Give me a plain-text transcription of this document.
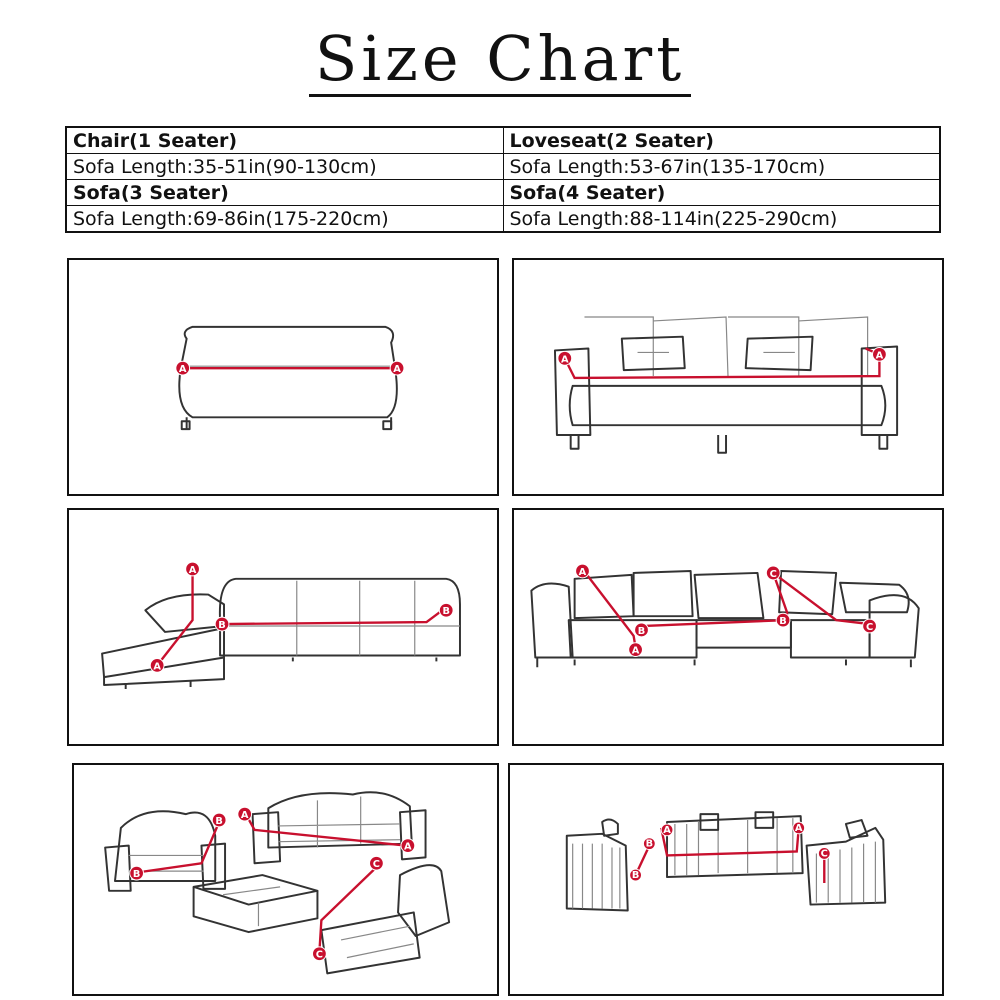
Size Chart
Chair(1 Seater)	Loveseat(2 Seater)
Sofa Length:35-51in(90-130cm)	Sofa Length:53-67in(135-170cm)
Sofa(3 Seater)	Sofa(4 Seater)
Sofa Length:69-86in(175-220cm)	Sofa Length:88-114in(225-290cm)
A	A
A	A
A
A
B
B
A
A
B
B
C
C
B
B
A
A
C
C
A	A
B
B
C
